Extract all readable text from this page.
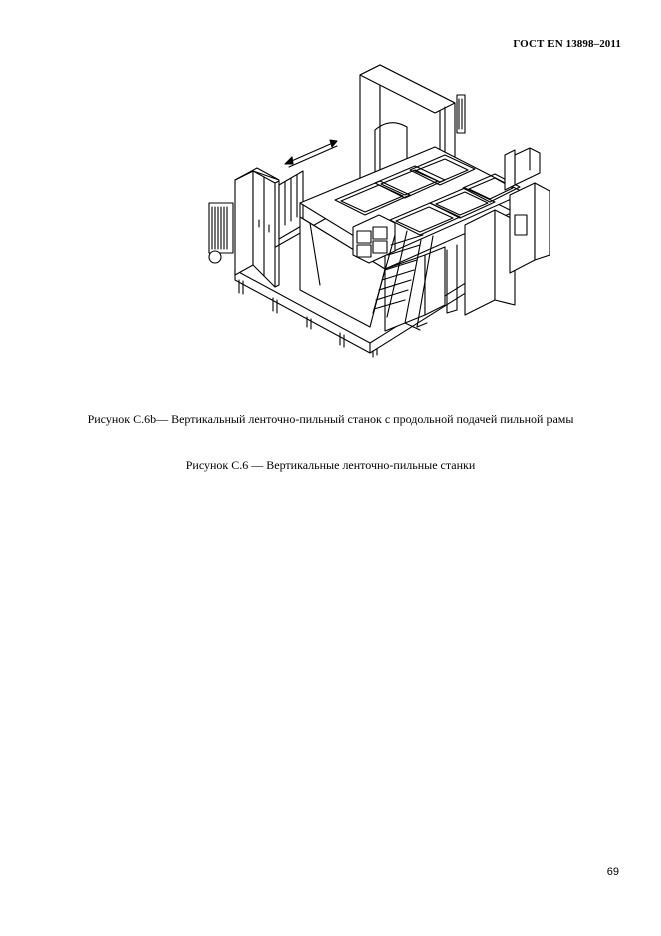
ГОСТ EN 13898–2011
Рисунок С.6b— Вертикальный ленточно-пильный станок с продольной подачей пильной рамы
Рисунок С.6 — Вертикальные ленточно-пильные станки
69
